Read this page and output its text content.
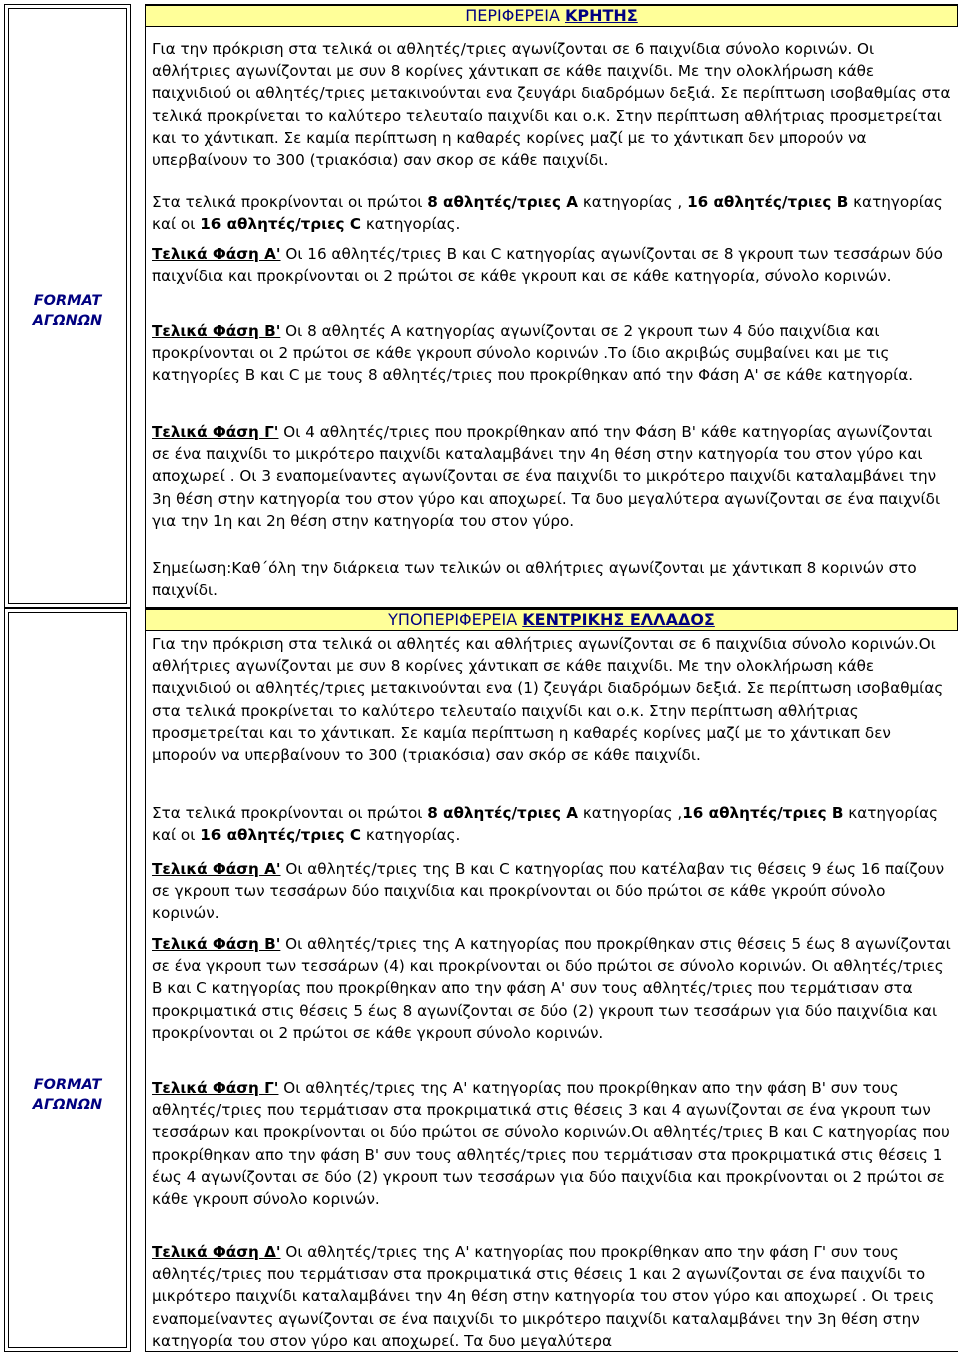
FORMAT
ΑΓΩΝΩΝ
ΠΕΡΙΦΕΡΕΙΑ ΚΡΗΤΗΣ

Για την πρόκριση στα τελικά οι αθλητές/τριες αγωνίζονται σε 6 παιχνίδια σύνολο κορινών. Οι αθλήτριες αγωνίζονται με συν 8 κορίνες χάντικαπ σε κάθε παιχνίδι. Με την ολοκλήρωση κάθε παιχνιδιού οι αθλητές/τριες μετακινούνται ενα ζευγάρι διαδρόμων δεξιά. Σε περίπτωση ισοβαθμίας στα τελικά προκρίνεται το καλύτερο τελευταίο παιχνίδι και ο.κ. Στην περίπτωση αθλήτριας προσμετρείται και το χάντικαπ. Σε καμία περίπτωση η καθαρές κορίνες μαζί με το χάντικαπ δεν μπορούν να υπερβαίνουν το 300 (τριακόσια) σαν σκορ σε κάθε παιχνίδι.

Στα τελικά προκρίνονται οι πρώτοι 8 αθλητές/τριες Α κατηγορίας , 16 αθλητές/τριες Β κατηγορίας καί οι 16 αθλητές/τριες C κατηγορίας.

Τελικά Φάση Α' Οι 16 αθλητές/τριες Β και C κατηγορίας αγωνίζονται σε 8 γκρουπ των τεσσάρων δύο παιχνίδια και προκρίνονται οι 2 πρώτοι σε κάθε γκρουπ και σε κάθε κατηγορία, σύνολο κορινών.

Τελικά Φάση Β' Οι 8 αθλητές Α κατηγορίας αγωνίζονται σε 2 γκρουπ των 4 δύο παιχνίδια και προκρίνονται οι 2 πρώτοι σε κάθε γκρουπ σύνολο κορινών .Το ίδιο ακριβώς συμβαίνει και με τις κατηγορίες Β και C με τους 8 αθλητές/τριες που προκρίθηκαν από την Φάση Α' σε κάθε κατηγορία.

Τελικά Φάση Γ' Οι 4 αθλητές/τριες που προκρίθηκαν από την Φάση Β' κάθε κατηγορίας αγωνίζονται σε ένα παιχνίδι το μικρότερο παιχνίδι καταλαμβάνει την 4η θέση στην κατηγορία του στον γύρο και αποχωρεί . Οι 3 εναπομείναντες αγωνίζονται σε ένα παιχνίδι το μικρότερο παιχνίδι καταλαμβάνει την 3η θέση στην κατηγορία του στον γύρο και αποχωρεί. Τα δυο μεγαλύτερα αγωνίζονται σε ένα παιχνίδι για την 1η και 2η θέση στην κατηγορία του στον γύρο.

Σημείωση:Καθ΄όλη την διάρκεια των τελικών οι αθλήτριες αγωνίζονται με χάντικαπ 8 κορινών στο παιχνίδι.

FORMAT
ΑΓΩΝΩΝ
ΥΠΟΠΕΡΙΦΕΡΕΙΑ ΚΕΝΤΡΙΚΗΣ ΕΛΛΑΔΟΣ

Για την πρόκριση στα τελικά οι αθλητές και αθλήτριες αγωνίζονται σε 6 παιχνίδια σύνολο κορινών.Οι αθλήτριες αγωνίζονται με συν 8 κορίνες χάντικαπ σε κάθε παιχνίδι. Με την ολοκλήρωση κάθε παιχνιδιού οι αθλητές/τριες μετακινούνται ενα (1) ζευγάρι διαδρόμων δεξιά. Σε περίπτωση ισοβαθμίας στα τελικά προκρίνεται το καλύτερο τελευταίο παιχνίδι και ο.κ. Στην περίπτωση αθλήτριας προσμετρείται και το χάντικαπ. Σε καμία περίπτωση η καθαρές κορίνες μαζί με το χάντικαπ δεν μπορούν να υπερβαίνουν το 300 (τριακόσια) σαν σκόρ σε κάθε παιχνίδι.

Στα τελικά προκρίνονται οι πρώτοι 8 αθλητές/τριες Α κατηγορίας ,16 αθλητές/τριες Β κατηγορίας καί οι 16 αθλητές/τριες C κατηγορίας.

Τελικά Φάση Α' Οι αθλητές/τριες της Β και C κατηγορίας που κατέλαβαν τις θέσεις 9 έως 16 παίζουν σε γκρουπ των τεσσάρων δύο παιχνίδια και προκρίνονται οι δύο πρώτοι σε κάθε γκρούπ σύνολο κορινών.

Τελικά Φάση Β' Οι αθλητές/τριες της Α κατηγορίας που προκρίθηκαν στις θέσεις 5 έως 8 αγωνίζονται σε ένα γκρουπ των τεσσάρων (4) και προκρίνονται οι δύο πρώτοι σε σύνολο κορινών. Οι αθλητές/τριες Β και C κατηγορίας που προκρίθηκαν απο την φάση Α' συν τους αθλητές/τριες που τερμάτισαν στα προκριματικά στις θέσεις 5 έως 8 αγωνίζονται σε δύο (2) γκρουπ των τεσσάρων για δύο παιχνίδια και προκρίνονται οι 2 πρώτοι σε κάθε γκρουπ σύνολο κορινών.

Τελικά Φάση Γ' Οι αθλητές/τριες της Α' κατηγορίας που προκρίθηκαν απο την φάση Β' συν τους αθλητές/τριες που τερμάτισαν στα προκριματικά στις θέσεις 3 και 4 αγωνίζονται σε ένα γκρουπ των τεσσάρων και προκρίνονται οι δύο πρώτοι σε σύνολο κορινών.Οι αθλητές/τριες Β και C κατηγορίας που προκρίθηκαν απο την φάση Β' συν τους αθλητές/τριες που τερμάτισαν στα προκριματικά στις θέσεις 1 έως 4 αγωνίζονται σε δύο (2) γκρουπ των τεσσάρων για δύο παιχνίδια και προκρίνονται οι 2 πρώτοι σε κάθε γκρουπ σύνολο κορινών.

Τελικά Φάση Δ' Οι αθλητές/τριες της Α' κατηγορίας που προκρίθηκαν απο την φάση Γ' συν τους αθλητές/τριες που τερμάτισαν στα προκριματικά στις θέσεις 1 και 2 αγωνίζονται σε ένα παιχνίδι το μικρότερο παιχνίδι καταλαμβάνει την 4η θέση στην κατηγορία του στον γύρο και αποχωρεί . Οι τρεις εναπομείναντες αγωνίζονται σε ένα παιχνίδι το μικρότερο παιχνίδι καταλαμβάνει την 3η θέση στην κατηγορία του στον γύρο και αποχωρεί. Τα δυο μεγαλύτερα
